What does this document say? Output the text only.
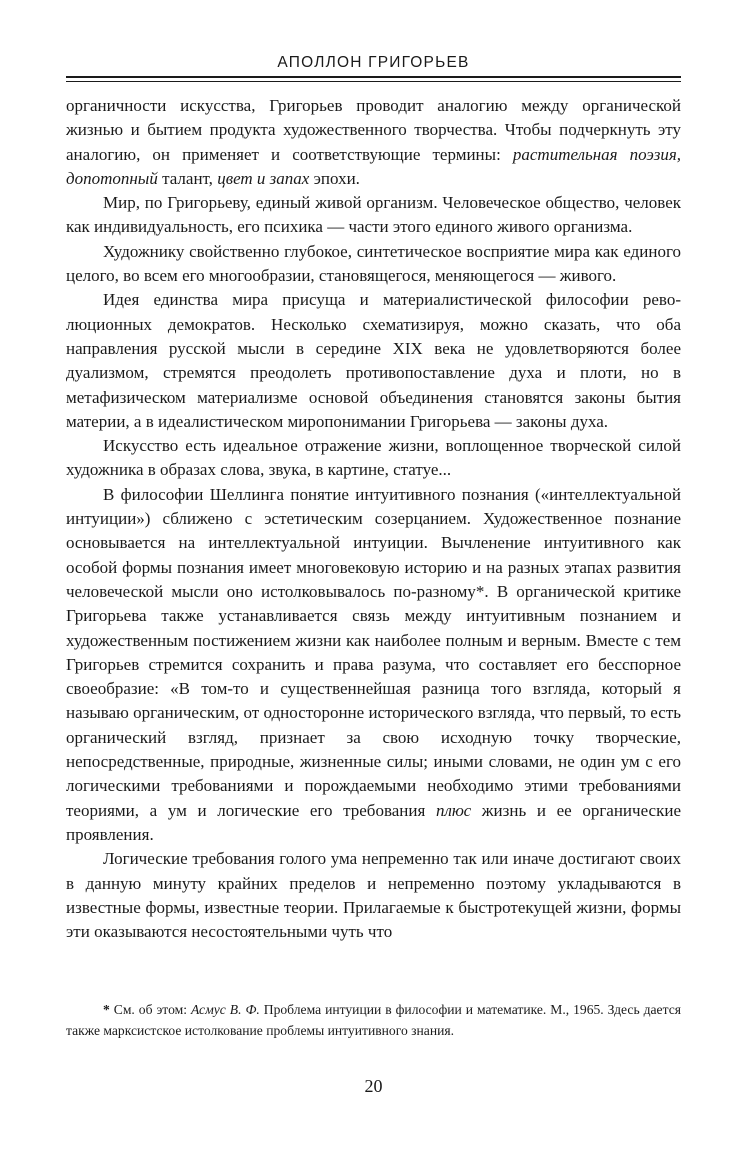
АПОЛЛОН ГРИГОРЬЕВ

органичности искусства, Григорьев проводит аналогию между органической жизнью и бытием продукта художественного творчества. Чтобы подчеркнуть эту аналогию, он применяет и соответствующие термины: растительная поэзия, допотопный талант, цвет и запах эпохи.

Мир, по Григорьеву, единый живой организм. Человеческое общество, человек как индивидуальность, его психика — части этого единого живого организма.

Художнику свойственно глубокое, синтетическое восприятие мира как единого целого, во всем его многообразии, становящегося, меняющегося — живого.

Идея единства мира присуща и материалистической философии революционных демократов. Несколько схематизируя, можно сказать, что оба направления русской мысли в середине XIX века не удовлетворяются более дуализмом, стремятся преодолеть противопоставление духа и плоти, но в метафизическом материализме основой объединения становятся законы бытия материи, а в идеалистическом миропонимании Григорьева — законы духа.

Искусство есть идеальное отражение жизни, воплощенное творческой силой художника в образах слова, звука, в картине, статуе...

В философии Шеллинга понятие интуитивного познания («интеллектуальной интуиции») сближено с эстетическим созерцанием. Художественное познание основывается на интеллектуальной интуиции. Вычленение интуитивного как особой формы познания имеет многовековую историю и на разных этапах развития человеческой мысли оно истолковывалось по-разному*. В органической критике Григорьева также устанавливается связь между интуитивным познанием и художественным постижением жизни как наиболее полным и верным. Вместе с тем Григорьев стремится сохранить и права разума, что составляет его бесспорное своеобразие: «В том-то и существеннейшая разница того взгляда, который я называю органическим, от односторонне исторического взгляда, что первый, то есть органический взгляд, признает за свою исходную точку творческие, непосредственные, природные, жизненные силы; иными словами, не один ум с его логическими требованиями и порождаемыми необходимо этими требованиями теориями, а ум и логические его требования плюс жизнь и ее органические проявления.

Логические требования голого ума непременно так или иначе достигают своих в данную минуту крайних пределов и непременно поэтому укладываются в известные формы, известные теории. Прилагаемые к быстротекущей жизни, формы эти оказываются несостоятельными чуть что

* См. об этом: Асмус В. Ф. Проблема интуиции в философии и математике. М., 1965. Здесь дается также марксистское истолкование проблемы интуитивного знания.

20
